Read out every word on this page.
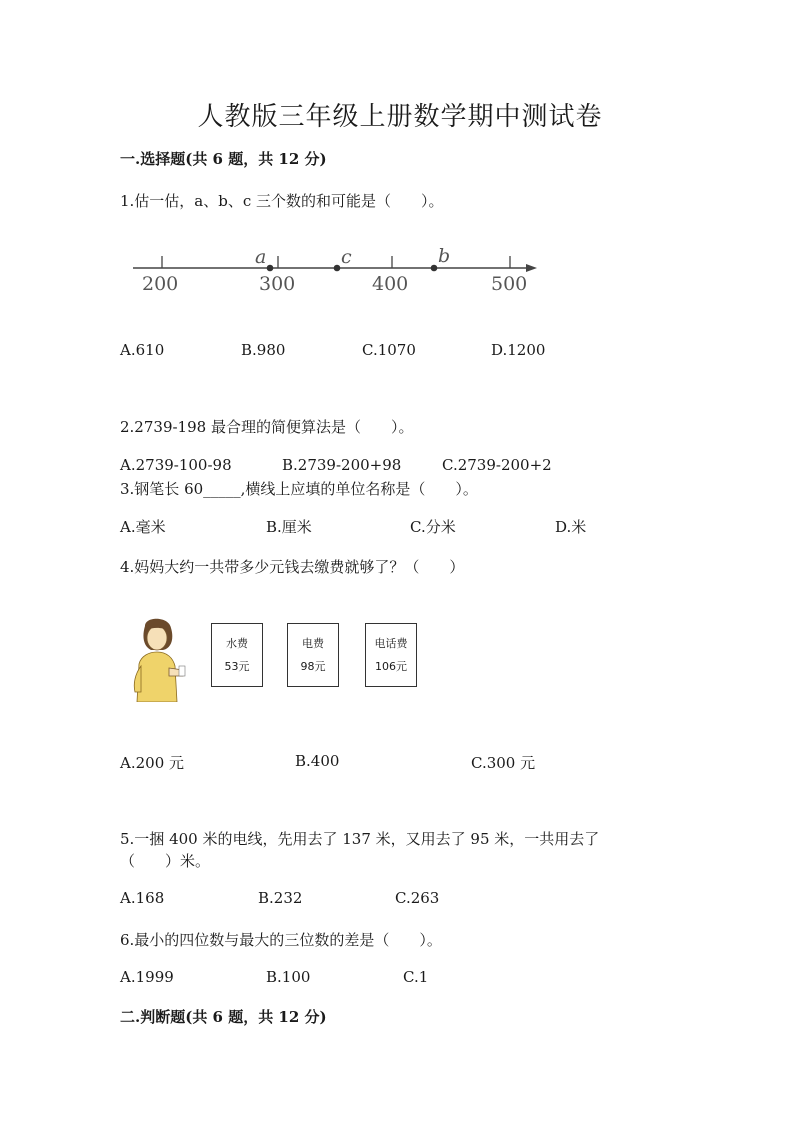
人教版三年级上册数学期中测试卷
一.选择题(共 6 题，共 12 分)
1.估一估，a、b、c 三个数的和可能是（　　）。
a	c	b
200	300	400	500
A.610	B.980	C.1070	D.1200
2.2739-198 最合理的简便算法是（　　）。
A.2739-100-98	B.2739-200+98	C.2739-200+2
3.钢笔长 60_____,横线上应填的单位名称是（　　）。
A.毫米	B.厘米	C.分米	D.米
4.妈妈大约一共带多少元钱去缴费就够了？（　　）
水费
53元
电费
98元
电话费
106元
A.200 元	B.400	C.300 元
5.一捆 400 米的电线，先用去了 137 米，又用去了 95 米，一共用去了
（　　）米。
A.168	B.232	C.263
6.最小的四位数与最大的三位数的差是（　　）。
A.1999	B.100	C.1
二.判断题(共 6 题，共 12 分)
